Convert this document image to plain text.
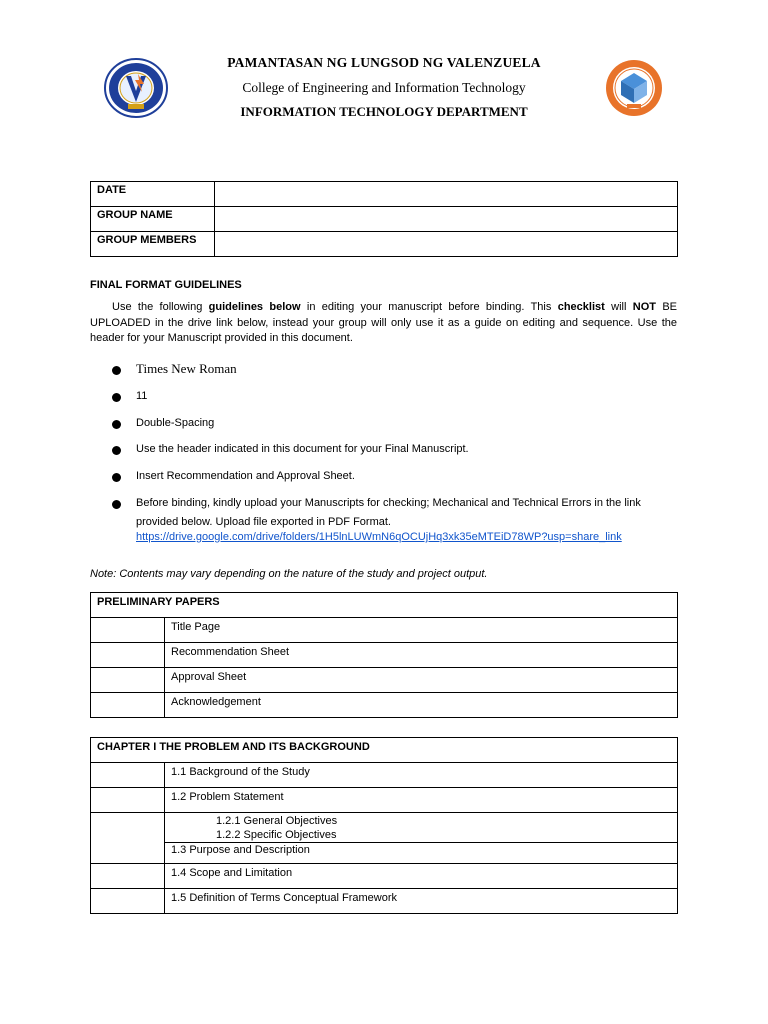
PAMANTASAN NG LUNGSOD NG VALENZUELA
College of Engineering and Information Technology
INFORMATION TECHNOLOGY DEPARTMENT
DATE	
GROUP NAME	
GROUP MEMBERS	
FINAL FORMAT GUIDELINES
Use the following guidelines below in editing your manuscript before binding. This checklist will NOT BE UPLOADED in the drive link below, instead your group will only use it as a guide on editing and sequence. Use the header for your Manuscript provided in this document.
Times New Roman
11
Double-Spacing
Use the header indicated in this document for your Final Manuscript.
Insert Recommendation and Approval Sheet.
Before binding, kindly upload your Manuscripts for checking; Mechanical and Technical Errors in the link
provided below. Upload file exported in PDF Format.
https://drive.google.com/drive/folders/1H5lnLUWmN6qOCUjHq3xk35eMTEiD78WP?usp=share_link
Note: Contents may vary depending on the nature of the study and project output.
PRELIMINARY PAPERS	
	Title Page
	Recommendation Sheet
	Approval Sheet
	Acknowledgement
CHAPTER I THE PROBLEM AND ITS BACKGROUND	
	1.1 Background of the Study
	1.2 Problem Statement

	1.2.1 General Objectives
1.2.2 Specific Objectives

	1.3 Purpose and Description
	1.4 Scope and Limitation
	1.5 Definition of Terms Conceptual Framework
